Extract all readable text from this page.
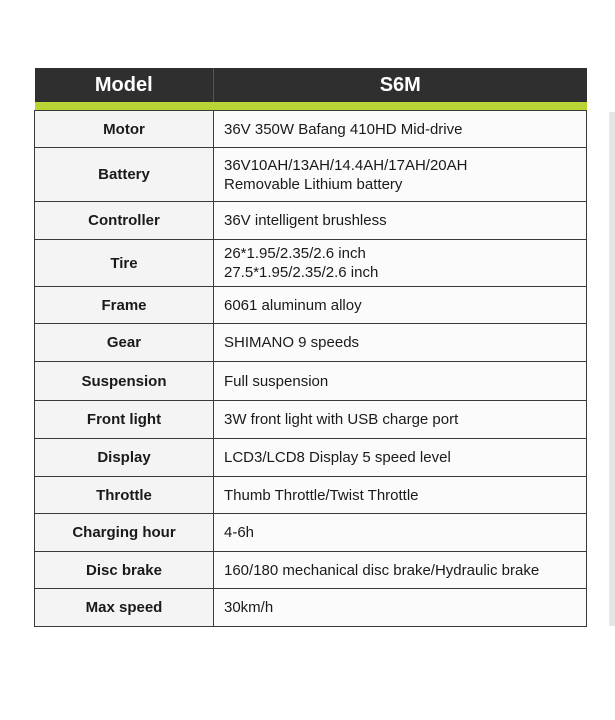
Model	S6M

Motor	36V 350W Bafang 410HD Mid-drive

Battery	36V10AH/13AH/14.4AH/17AH/20AH
Removable Lithium battery

Controller	36V intelligent brushless

Tire	26*1.95/2.35/2.6 inch
27.5*1.95/2.35/2.6 inch

Frame	6061 aluminum alloy

Gear	SHIMANO 9 speeds

Suspension	Full suspension

Front light	3W front light with USB charge port

Display	LCD3/LCD8 Display 5 speed level

Throttle	Thumb Throttle/Twist Throttle

Charging hour	4-6h

Disc brake	160/180 mechanical disc brake/Hydraulic brake

Max speed	30km/h
